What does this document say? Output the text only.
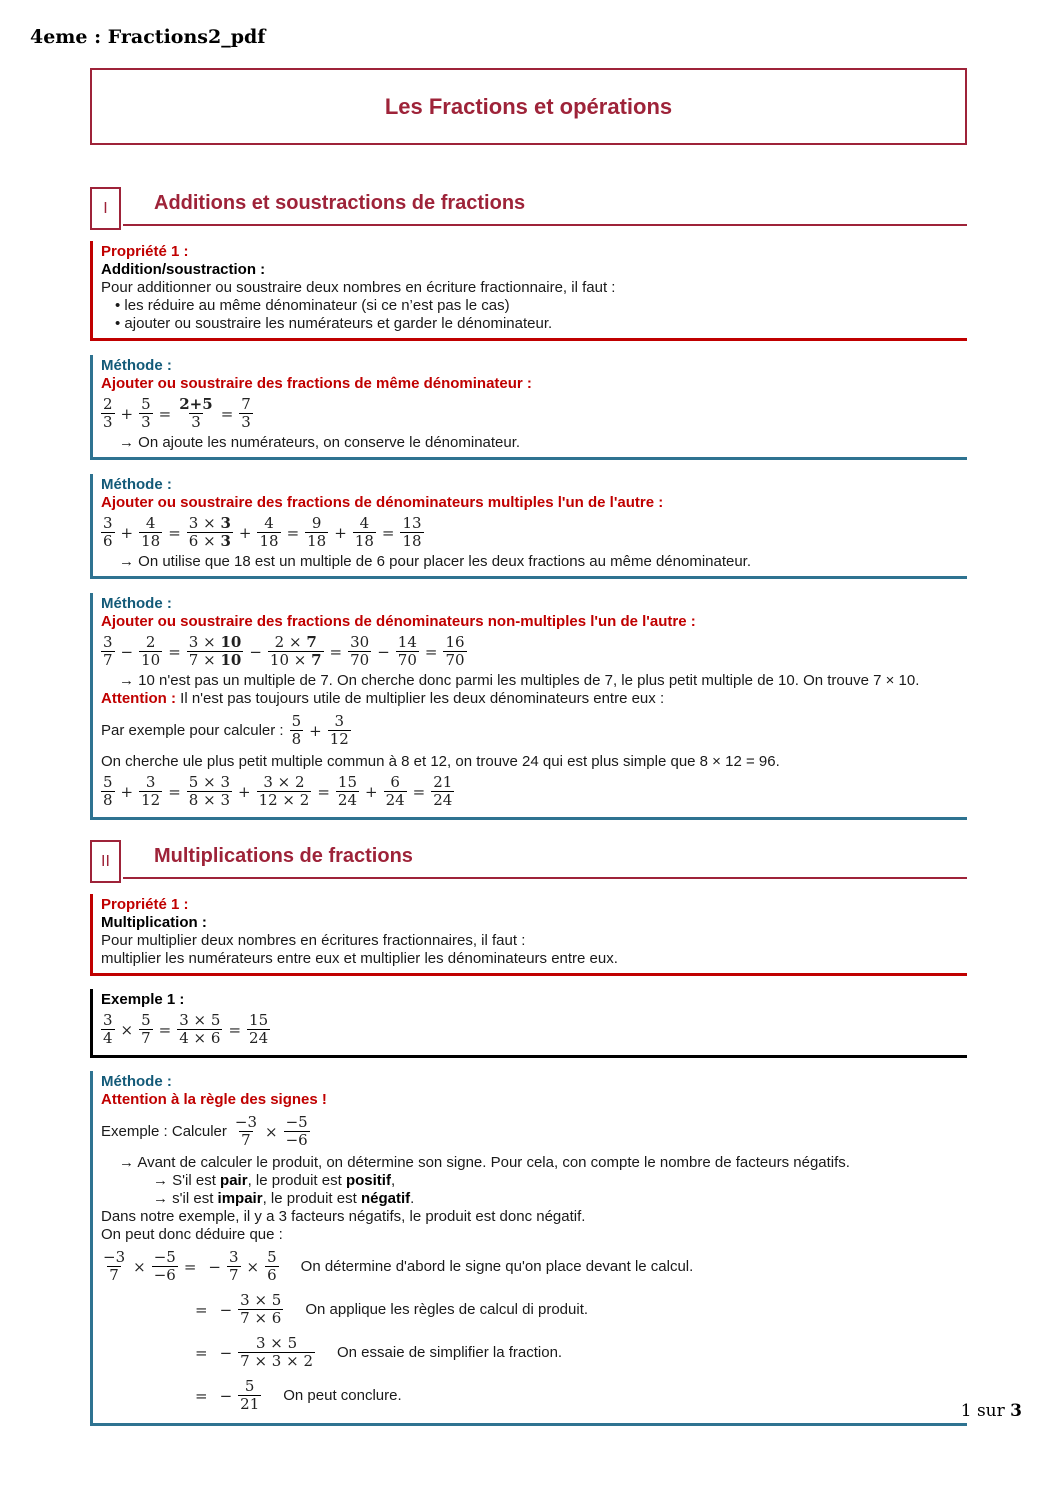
4eme : Fractions2_pdf
Les Fractions et opérations
I Additions et soustractions de fractions
Propriété 1 :
Addition/soustraction :
Pour additionner ou soustraire deux nombres en écriture fractionnaire, il faut :
• les réduire au même dénominateur (si ce n’est pas le cas)
• ajouter ou soustraire les numérateurs et garder le dénominateur.
Méthode :
Ajouter ou soustraire des fractions de même dénominateur :
$\frac{2}{3} + \frac{5}{3} = \frac{2+5}{3} = \frac{7}{3}$
→ On ajoute les numérateurs, on conserve le dénominateur.
Méthode :
Ajouter ou soustraire des fractions de dénominateurs multiples l'un de l'autre :
$\frac{3}{6} + \frac{4}{18} = \frac{3 \times 3}{6 \times 3} + \frac{4}{18} = \frac{9}{18} + \frac{4}{18} = \frac{13}{18}$
→ On utilise que 18 est un multiple de 6 pour placer les deux fractions au même dénominateur.
Méthode :
Ajouter ou soustraire des fractions de dénominateurs non-multiples l'un de l'autre :
$\frac{3}{7} - \frac{2}{10} = \frac{3 \times 10}{7 \times 10} - \frac{2 \times 7}{10 \times 7} = \frac{30}{70} - \frac{14}{70} = \frac{16}{70}$
→ 10 n'est pas un multiple de 7. On cherche donc parmi les multiples de 7, le plus petit multiple de 10. On trouve 7 × 10.
Attention : Il n'est pas toujours utile de multiplier les deux dénominateurs entre eux :
Par exemple pour calculer : $\frac{5}{8} + \frac{3}{12}$
On cherche ule plus petit multiple commun à 8 et 12, on trouve 24 qui est plus simple que 8 × 12 = 96.
$\frac{5}{8} + \frac{3}{12} = \frac{5 \times 3}{8 \times 3} + \frac{3 \times 2}{12 \times 2} = \frac{15}{24} + \frac{6}{24} = \frac{21}{24}$
II Multiplications de fractions
Propriété 1 :
Multiplication :
Pour multiplier deux nombres en écritures fractionnaires, il faut :
multiplier les numérateurs entre eux et multiplier les dénominateurs entre eux.
Exemple 1 :
$\frac{3}{4} \times \frac{5}{7} = \frac{3 \times 5}{4 \times 6} = \frac{15}{24}$
Méthode :
Attention à la règle des signes !
Exemple : Calculer $\frac{-3}{7} \times \frac{-5}{-6}$
→ Avant de calculer le produit, on détermine son signe. Pour cela, con compte le nombre de facteurs négatifs.
→ S'il est pair, le produit est positif,
→ s'il est impair, le produit est négatif.
Dans notre exemple, il y a 3 facteurs négatifs, le produit est donc négatif.
On peut donc déduire que :
$\frac{-3}{7} \times \frac{-5}{-6}$ = − $\frac{3}{7} \times \frac{5}{6}$ On détermine d'abord le signe qu'on place devant le calcul.
= − $\frac{3 \times 5}{7 \times 6}$ On applique les règles de calcul di produit.
= − $\frac{3 \times 5}{7 \times 3 \times 2}$ On essaie de simplifier la fraction.
= − $\frac{5}{21}$ On peut conclure.
1 sur 3
